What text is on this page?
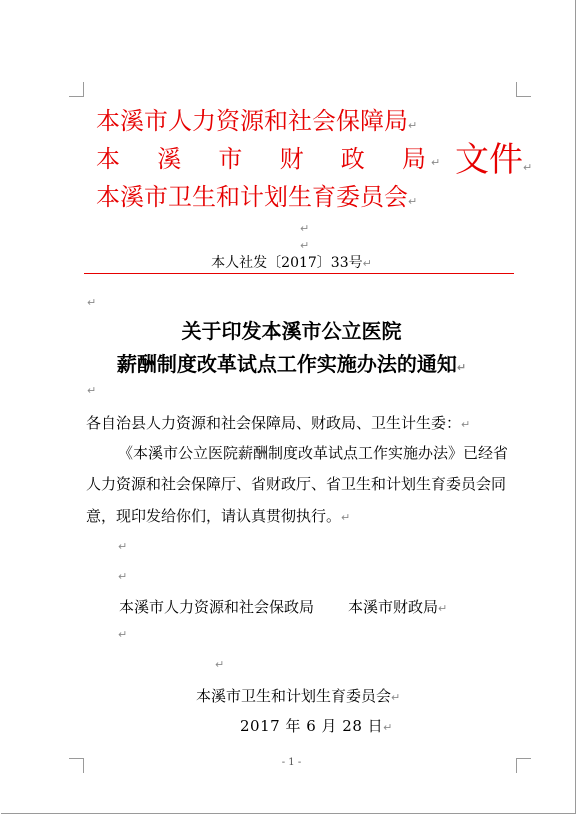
本溪市人力资源和社会保障局↵
本 溪 市 财 政 局 ↵
本溪市卫生和计划生育委员会↵
文件↵
↵
↵
本人社发〔2017〕33号↵
↵
关于印发本溪市公立医院
薪酬制度改革试点工作实施办法的通知↵
↵
各自治县人力资源和社会保障局、财政局、卫生计生委：↵
《本溪市公立医院薪酬制度改革试点工作实施办法》已经省
人力资源和社会保障厅、省财政厅、省卫生和计划生育委员会同
意，现印发给你们，请认真贯彻执行。↵
↵
↵
本溪市人力资源和社会保政局 本溪市财政局↵
↵
↵
本溪市卫生和计划生育委员会↵
2017 年 6 月 28 日↵
- 1 -
